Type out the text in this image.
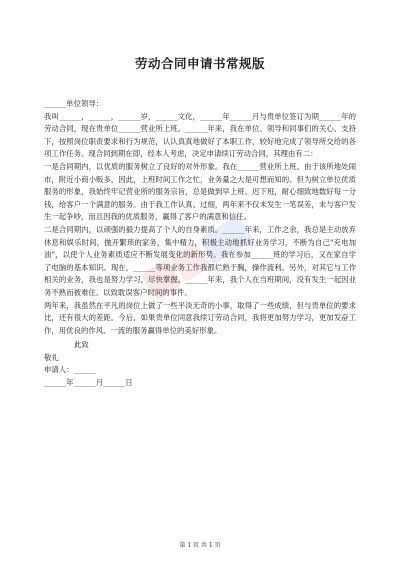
劳动合同申请书常规版

______单位领导：

我叫______，______，______岁，______文化，______年______月与贵单位签订为期______年的劳动合同，现在贵单位______营业所上班。______年来，我在单位、领导和同事们的关心、支持下，按照岗位职责要求和行为规范，认认真真地做好了本职工作，较好地完成了领导所交给的各项工作任务。现合同到期在即，经本人考虑，决定申请续订劳动合同，其理由有二：

一是合同期内，以优质的服务树立了良好的对外形象。我在______营业所上班。由于该所地处闹市，附近小商小贩多，因此，上班时间工作之忙，业务量之大是可想而知的。但为树立单位优质服务的形象，我始终牢记营业所的服务宗旨，总是做到早上班、迟下班，耐心细致地数好每一分钱，给客户一个满意的服务。由于我工作认真、过细，两年来不仅未发生一笔误差，未与客户发生一起争吵，而且因我的优质服务，赢得了客户的满意和信任。

二是合同期内，以顽强的毅力提高了个人的自身素质。______年来，工作之余，我总是主动放弃休息和娱乐时间，抛开繁琐的家务，集中精力，积极主动地抓好业务学习，不断为自己"充电加油"，以使个人业务素质适应不断发展变化的新形势。我在参加______班的学习后，又在家自学了电脑的基本知识。现在，______等项业务工作我都烂熟于胸，操作流利。另外，对其它与工作相关的业务，我也是努力学习，尽快掌握。______年来，我个人在当班期间，没有发生一起因业务不熟而被难住、以致耽误客户时间的事件。

两年来，我虽然在平凡的岗位上做了一些平淡无奇的小事，取得了一些成绩，但与贵单位的要求比，还有很大的差距。今后，如果贵单位同意我续订劳动合同，我将更加努力学习，更加发奋工作，用优良的作风、一流的服务赢得单位的美好形象。

此致

敬礼

申请人：______

______年______月______日

第 1 页 共 1 页
